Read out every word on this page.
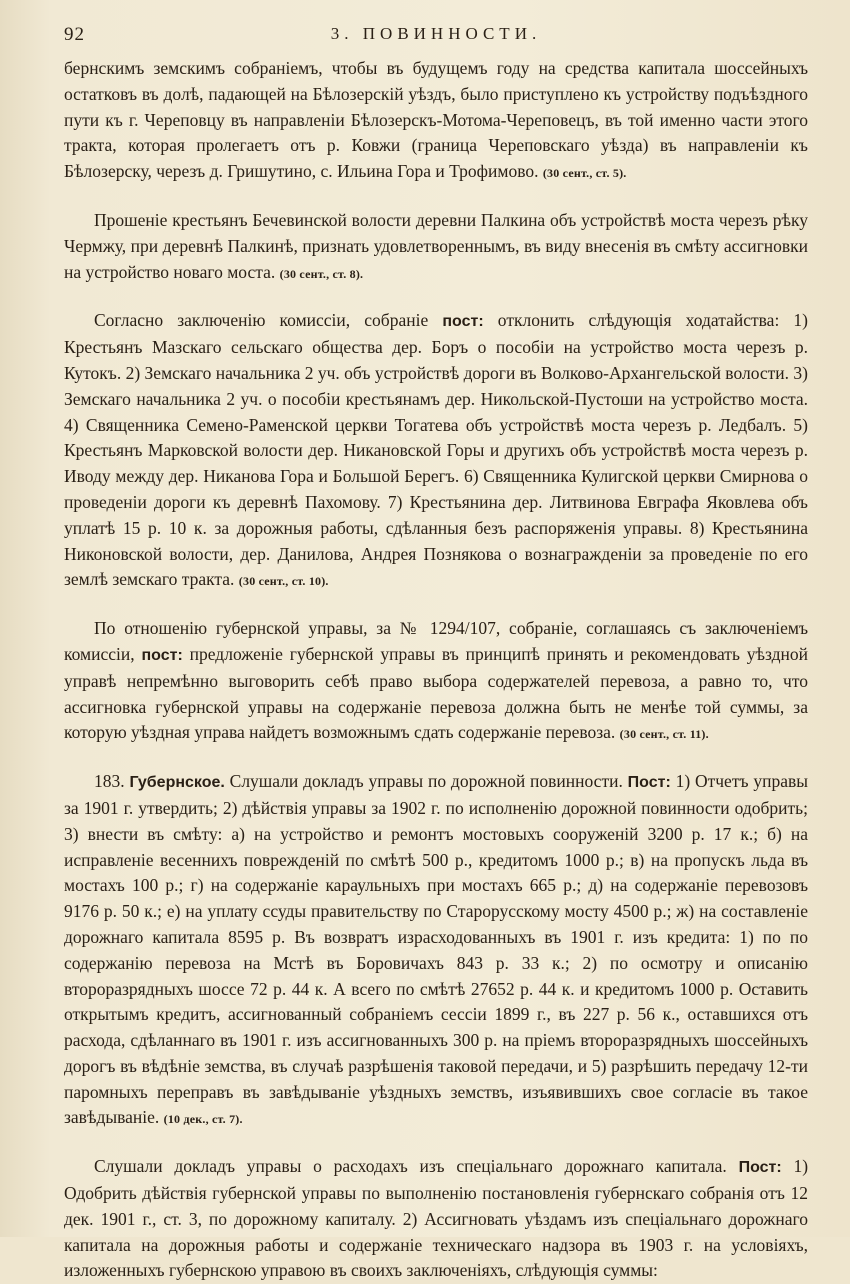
92	3. ПОВИННОСТИ.

бернскимъ земскимъ собраніемъ, чтобы въ будущемъ году на средства капитала шоссейныхъ остатковъ въ долѣ, падающей на Бѣлозерскій уѣздъ, было приступлено къ устройству подъѣздного пути къ г. Череповцу въ направленіи Бѣлозерскъ-Мотома-Череповецъ, въ той именно части этого тракта, которая пролегаетъ отъ р. Ковжи (граница Череповскаго уѣзда) въ направленіи къ Бѣлозерску, черезъ д. Гришутино, с. Ильина Гора и Трофимово. (30 сент., ст. 5).

Прошеніе крестьянъ Бечевинской волости деревни Палкина объ устройствѣ моста черезъ рѣку Чермжу, при деревнѣ Палкинѣ, признать удовлетвореннымъ, въ виду внесенія въ смѣту ассигновки на устройство новаго моста. (30 сент., ст. 8).

Согласно заключенію комиссіи, собраніе пост: отклонить слѣдующія ходатайства: 1) Крестьянъ Мазскаго сельскаго общества дер. Боръ о пособіи на устройство моста черезъ р. Кутокъ. 2) Земскаго начальника 2 уч. объ устройствѣ дороги въ Волково-Архангельской волости. 3) Земскаго начальника 2 уч. о пособіи крестьянамъ дер. Никольской-Пустоши на устройство моста. 4) Священника Семено-Раменской церкви Тогатева объ устройствѣ моста черезъ р. Ледбалъ. 5) Крестьянъ Марковской волости дер. Никановской Горы и другихъ объ устройствѣ моста черезъ р. Иводу между дер. Никанова Гора и Большой Берегъ. 6) Священника Кулигской церкви Смирнова о проведеніи дороги къ деревнѣ Пахомову. 7) Крестьянина дер. Литвинова Евграфа Яковлева объ уплатѣ 15 р. 10 к. за дорожныя работы, сдѣланныя безъ распоряженія управы. 8) Крестьянина Никоновской волости, дер. Данилова, Андрея Познякова о вознагражденіи за проведеніе по его землѣ земскаго тракта. (30 сент., ст. 10).

По отношенію губернской управы, за № 1294/107, собраніе, соглашаясь съ заключеніемъ комиссіи, пост: предложеніе губернской управы въ принципѣ принять и рекомендовать уѣздной управѣ непремѣнно выговорить себѣ право выбора содержателей перевоза, а равно то, что ассигновка губернской управы на содержаніе перевоза должна быть не менѣе той суммы, за которую уѣздная управа найдетъ возможнымъ сдать содержаніе перевоза. (30 сент., ст. 11).

183. Губернское. Слушали докладъ управы по дорожной повинности. Пост: 1) Отчетъ управы за 1901 г. утвердить; 2) дѣйствія управы за 1902 г. по исполненію дорожной повинности одобрить; 3) внести въ смѣту: а) на устройство и ремонтъ мостовыхъ сооруженій 3200 р. 17 к.; б) на исправленіе весеннихъ поврежденій по смѣтѣ 500 р., кредитомъ 1000 р.; в) на пропускъ льда въ мостахъ 100 р.; г) на содержаніе караульныхъ при мостахъ 665 р.; д) на содержаніе перевозовъ 9176 р. 50 к.; е) на уплату ссуды правительству по Старорусскому мосту 4500 р.; ж) на составленіе дорожнаго капитала 8595 р. Въ возвратъ израсходованныхъ въ 1901 г. изъ кредита: 1) по по содержанію перевоза на Мстѣ въ Боровичахъ 843 р. 33 к.; 2) по осмотру и описанію второразрядныхъ шоссе 72 р. 44 к. А всего по смѣтѣ 27652 р. 44 к. и кредитомъ 1000 р. Оставить открытымъ кредитъ, ассигнованный собраніемъ сессіи 1899 г., въ 227 р. 56 к., оставшихся отъ расхода, сдѣланнаго въ 1901 г. изъ ассигнованныхъ 300 р. на пріемъ второразрядныхъ шоссейныхъ дорогъ въ вѣдѣніе земства, въ случаѣ разрѣшенія таковой передачи, и 5) разрѣшить передачу 12-ти паромныхъ переправъ въ завѣдываніе уѣздныхъ земствъ, изъявившихъ свое согласіе въ такое завѣдываніе. (10 дек., ст. 7).

Слушали докладъ управы о расходахъ изъ спеціальнаго дорожнаго капитала. Пост: 1) Одобрить дѣйствія губернской управы по выполненію постановленія губернскаго собранія отъ 12 дек. 1901 г., ст. 3, по дорожному капиталу. 2) Ассигновать уѣздамъ изъ спеціальнаго дорожнаго капитала на дорожныя работы и содержаніе техническаго надзора въ 1903 г. на условіяхъ, изложенныхъ губернскою управою въ своихъ заключеніяхъ, слѣдующія суммы:
